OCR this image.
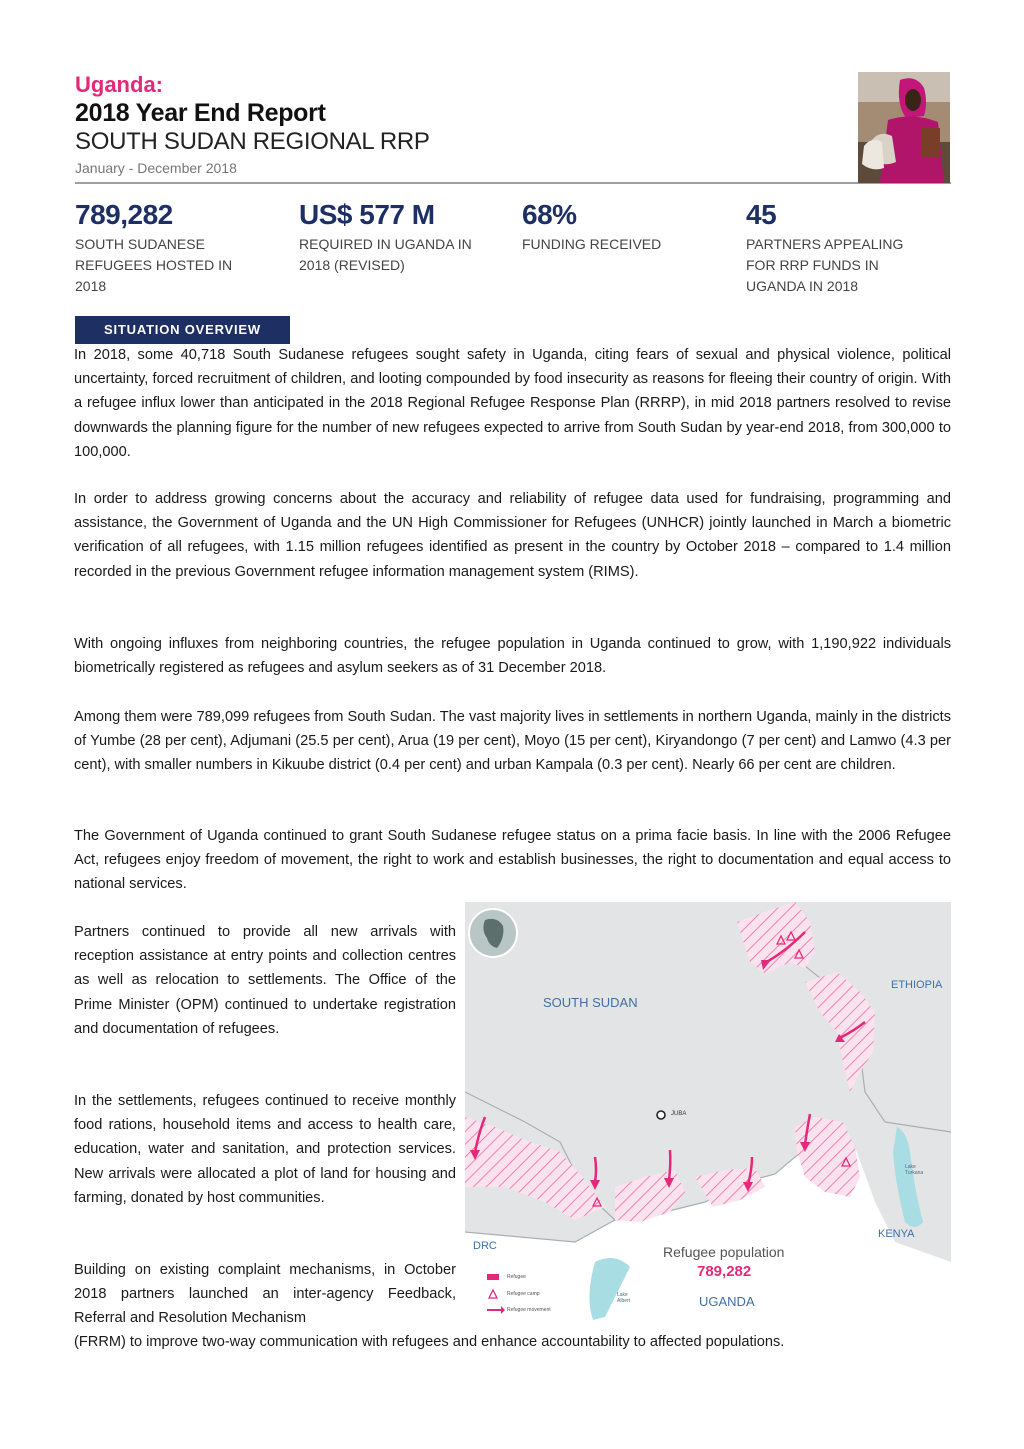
Uganda:
2018 Year End Report
SOUTH SUDAN REGIONAL RRP
January - December 2018
789,282
SOUTH SUDANESE REFUGEES HOSTED IN 2018
US$ 577 M
REQUIRED IN UGANDA IN 2018 (REVISED)
68%
FUNDING RECEIVED
45
PARTNERS APPEALING FOR RRP FUNDS IN UGANDA IN 2018
SITUATION OVERVIEW

In 2018, some 40,718 South Sudanese refugees sought safety in Uganda, citing fears of sexual and physical violence, political uncertainty, forced recruitment of children, and looting compounded by food insecurity as reasons for fleeing their country of origin. With a refugee influx lower than anticipated in the 2018 Regional Refugee Response Plan (RRRP), in mid 2018 partners resolved to revise downwards the planning figure for the number of new refugees expected to arrive from South Sudan by year-end 2018, from 300,000 to 100,000.

In order to address growing concerns about the accuracy and reliability of refugee data used for fundraising, programming and assistance, the Government of Uganda and the UN High Commissioner for Refugees (UNHCR) jointly launched in March a biometric verification of all refugees, with 1.15 million refugees identified as present in the country by October 2018 – compared to 1.4 million recorded in the previous Government refugee information management system (RIMS).

With ongoing influxes from neighboring countries, the refugee population in Uganda continued to grow, with 1,190,922 individuals biometrically registered as refugees and asylum seekers as of 31 December 2018.

Among them were 789,099 refugees from South Sudan. The vast majority lives in settlements in northern Uganda, mainly in the districts of Yumbe (28 per cent), Adjumani (25.5 per cent), Arua (19 per cent), Moyo (15 per cent), Kiryandongo (7 per cent) and Lamwo (4.3 per cent), with smaller numbers in Kikuube district (0.4 per cent) and urban Kampala (0.3 per cent). Nearly 66 per cent are children.

The Government of Uganda continued to grant South Sudanese refugee status on a prima facie basis. In line with the 2006 Refugee Act, refugees enjoy freedom of movement, the right to work and establish businesses, the right to documentation and equal access to national services.

Partners continued to provide all new arrivals with reception assistance at entry points and collection centres as well as relocation to settlements. The Office of the Prime Minister (OPM) continued to undertake registration and documentation of refugees.

In the settlements, refugees continued to receive monthly food rations, household items and access to health care, education, water and sanitation, and protection services. New arrivals were allocated a plot of land for housing and farming, donated by host communities.

Building on existing complaint mechanisms, in October 2018 partners launched an inter-agency Feedback, Referral and Resolution Mechanism

(FRRM) to improve two-way communication with refugees and enhance accountability to affected populations.

SOUTH SUDAN
ETHIOPIA
KENYA
DRC
UGANDA
JUBA
Lake Turkana
Lake Albert
Refugee population
789,282
Refugee
Refugee camp
Refugee movement
